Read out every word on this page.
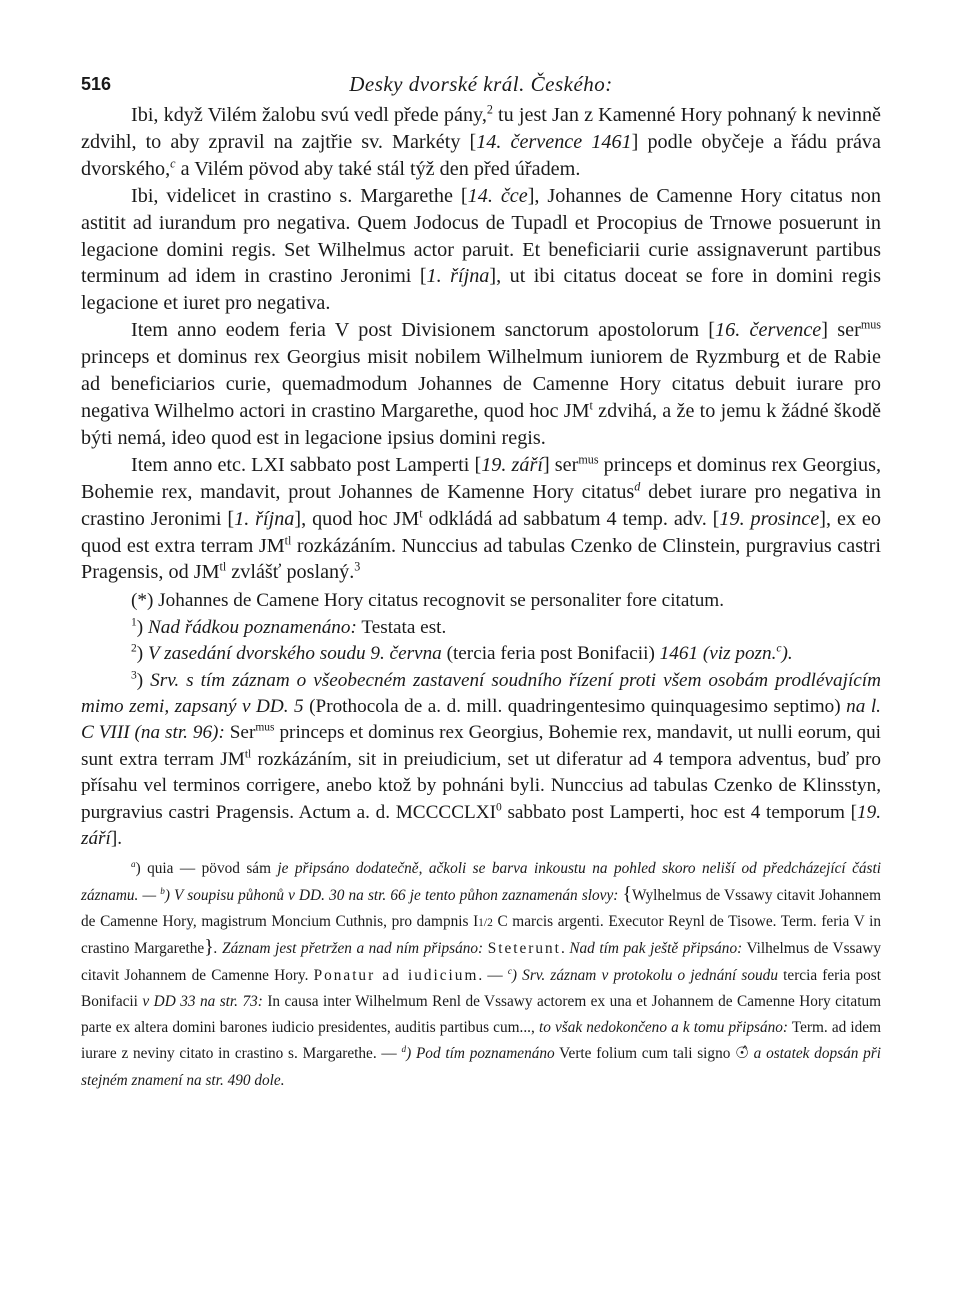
516	Desky dvorské král. Českého:

Ibi, když Vilém žalobu svú vedl přede pány,$^2$ tu jest Jan z Kamenné Hory pohnaný k nevinně zdvihl, to aby zpravil na zajtřie sv. Markéty [14. července 1461] podle obyčeje a řádu práva dvorského,$^c$ a Vilém pövod aby také stál týž den před úřadem.

Ibi, videlicet in crastino s. Margarethe [14. čce], Johannes de Camenne Hory citatus non astitit ad iurandum pro negativa. Quem Jodocus de Tupadl et Procopius de Trnowe posuerunt in legacione domini regis. Set Wilhelmus actor paruit. Et beneficiarii curie assignaverunt partibus terminum ad idem in crastino Jeronimi [1. října], ut ibi citatus doceat se fore in domini regis legacione et iuret pro negativa.

Item anno eodem feria V post Divisionem sanctorum apostolorum [16. července] ser$^{mus}$ princeps et dominus rex Georgius misit nobilem Wilhelmum iuniorem de Ryzmburg et de Rabie ad beneficiarios curie, quemadmodum Johannes de Camenne Hory citatus debuit iurare pro negativa Wilhelmo actori in crastino Margarethe, quod hoc $JM^t$ zdvihá, a že to jemu k žádné škodě býti nemá, ideo quod est in legacione ipsius domini regis.

Item anno etc. LXI sabbato post Lamperti [19. září] ser$^{mus}$ princeps et dominus rex Georgius, Bohemie rex, mandavit, prout Johannes de Kamenne Hory citatus$^d$ debet iurare pro negativa in crastino Jeronimi [1. října], quod hoc $JM^t$ odkládá ad sabbatum 4 temp. adv. [19. prosince], ex eo quod est extra terram $JM^{tl}$ rozkázáním. Nunccius ad tabulas Czenko de Clinstein, purgravius castri Pragensis, od $JM^{tl}$ zvlášť poslaný.$^3$

(*) Johannes de Camene Hory citatus recognovit se personaliter fore citatum.

$^1$) Nad řádkou poznamenáno: Testata est.

$^2$) V zasedání dvorského soudu 9. června (tercia feria post Bonifacii) 1461 (viz pozn.$^c$).

$^3$) Srv. s tím záznam o všeobecném zastavení soudního řízení proti všem osobám prodlévajícím mimo zemi, zapsaný v DD. 5 (Prothocola de a. d. mill. quadringentesimo quinquagesimo septimo) na l. C VIII (na str. 96): Ser$^{mus}$ princeps et dominus rex Georgius, Bohemie rex, mandavit, ut nulli eorum, qui sunt extra terram $JM^{tl}$ rozkázáním, sit in preiudicium, set ut diferatur ad 4 tempora adventus, buď pro přísahu vel terminos corrigere, anebo ktož by pohnáni byli. Nunccius ad tabulas Czenko de Klinsstyn, purgravius castri Pragensis. Actum a. d. MCCCCLXI$^0$ sabbato post Lamperti, hoc est 4 temporum [19. září].

$^a$) quia — pövod sám je připsáno dodatečně, ačkoli se barva inkoustu na pohled skoro neliší od předcházející části záznamu. — $^b$) V soupisu půhonů v DD. 30 na str. 66 je tento půhon zaznamenán slovy: {Wylhelmus de Vssawy citavit Johannem de Camenne Hory, magistrum Moncium Cuthnis, pro dampnis I1/2 C marcis argenti. Executor Reynl de Tisowe. Term. feria V in crastino Margarethe}. Záznam jest přetržen a nad ním připsáno: Steterunt. Nad tím pak ještě připsáno: Vilhelmus de Vssawy citavit Johannem de Camenne Hory. Ponatur ad iudicium. — $^c$) Srv. záznam v protokolu o jednání soudu tercia feria post Bonifacii v DD 33 na str. 73: In causa inter Wilhelmum Renl de Vssawy actorem ex una et Johannem de Camenne Hory citatum parte ex altera domini barones iudicio presidentes, auditis partibus cum..., to však nedokončeno a k tomu připsáno: Term. ad idem iurare z neviny citato in crastino s. Margarethe. — $^d$) Pod tím poznamenáno Verte folium cum tali signo ☉̂ a ostatek dopsán při stejném znamení na str. 490 dole.
